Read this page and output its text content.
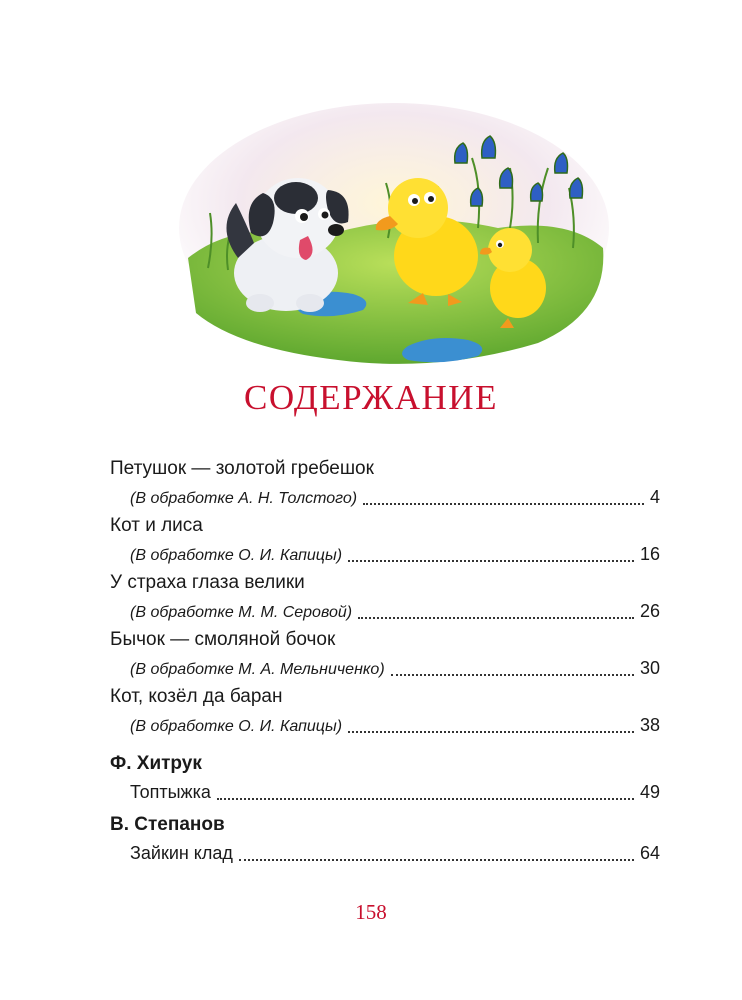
СОДЕРЖАНИЕ
Петушок — золотой гребешок
(В обработке А. Н. Толстого)	4
Кот и лиса
(В обработке О. И. Капицы)	16
У страха глаза велики
(В обработке М. М. Серовой)	26
Бычок — смоляной бочок
(В обработке М. А. Мельниченко)	30
Кот, козёл да баран
(В обработке О. И. Капицы)	38
Ф. Хитрук
Топтыжка	49
В. Степанов
Зайкин клад	64
158
